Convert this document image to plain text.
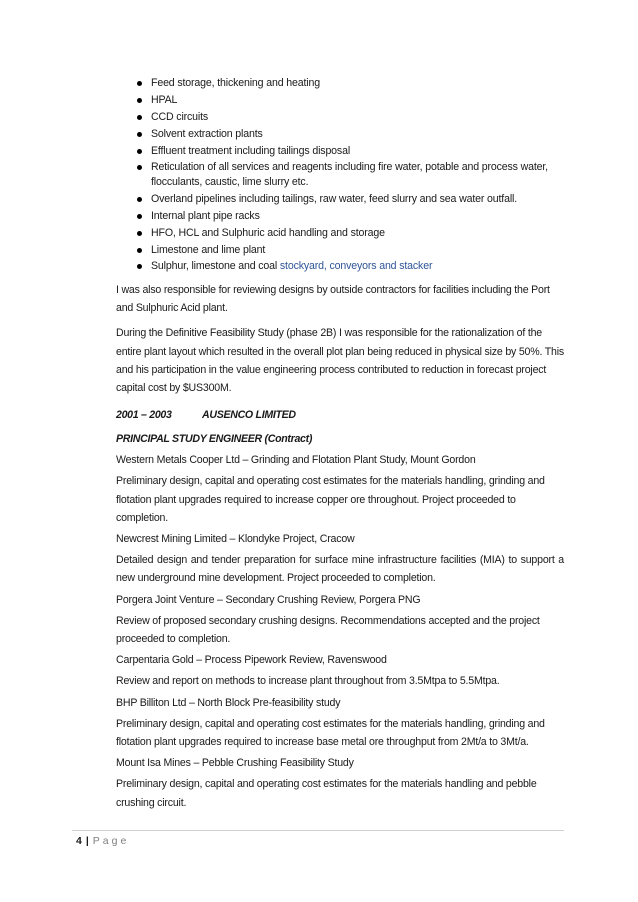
Feed storage, thickening and heating
HPAL
CCD circuits
Solvent extraction plants
Effluent treatment including tailings disposal
Reticulation of all services and reagents including fire water, potable and process water, flocculants, caustic, lime slurry etc.
Overland pipelines including tailings, raw water, feed slurry and sea water outfall.
Internal plant pipe racks
HFO, HCL and Sulphuric acid handling and storage
Limestone and lime plant
Sulphur, limestone and coal stockyard, conveyors and stacker

I was also responsible for reviewing designs by outside contractors for facilities including the Port and Sulphuric Acid plant.

During the Definitive Feasibility Study (phase 2B) I was responsible for the rationalization of the entire plant layout which resulted in the overall plot plan being reduced in physical size by 50%. This and his participation in the value engineering process contributed to reduction in forecast project capital cost by $US300M.

2001 – 2003	AUSENCO LIMITED
PRINCIPAL STUDY ENGINEER (Contract)

Western Metals Cooper Ltd – Grinding and Flotation Plant Study, Mount Gordon

Preliminary design, capital and operating cost estimates for the materials handling, grinding and flotation plant upgrades required to increase copper ore throughout. Project proceeded to completion.

Newcrest Mining Limited – Klondyke Project, Cracow

Detailed design and tender preparation for surface mine infrastructure facilities (MIA) to support a new underground mine development. Project proceeded to completion.

Porgera Joint Venture – Secondary Crushing Review, Porgera PNG

Review of proposed secondary crushing designs. Recommendations accepted and the project proceeded to completion.

Carpentaria Gold – Process Pipework Review, Ravenswood

Review and report on methods to increase plant throughout from 3.5Mtpa to 5.5Mtpa.

BHP Billiton Ltd – North Block Pre-feasibility study

Preliminary design, capital and operating cost estimates for the materials handling, grinding and flotation plant upgrades required to increase base metal ore throughput from 2Mt/a to 3Mt/a.

Mount Isa Mines – Pebble Crushing Feasibility Study

Preliminary design, capital and operating cost estimates for the materials handling and pebble crushing circuit.

4 | Page
